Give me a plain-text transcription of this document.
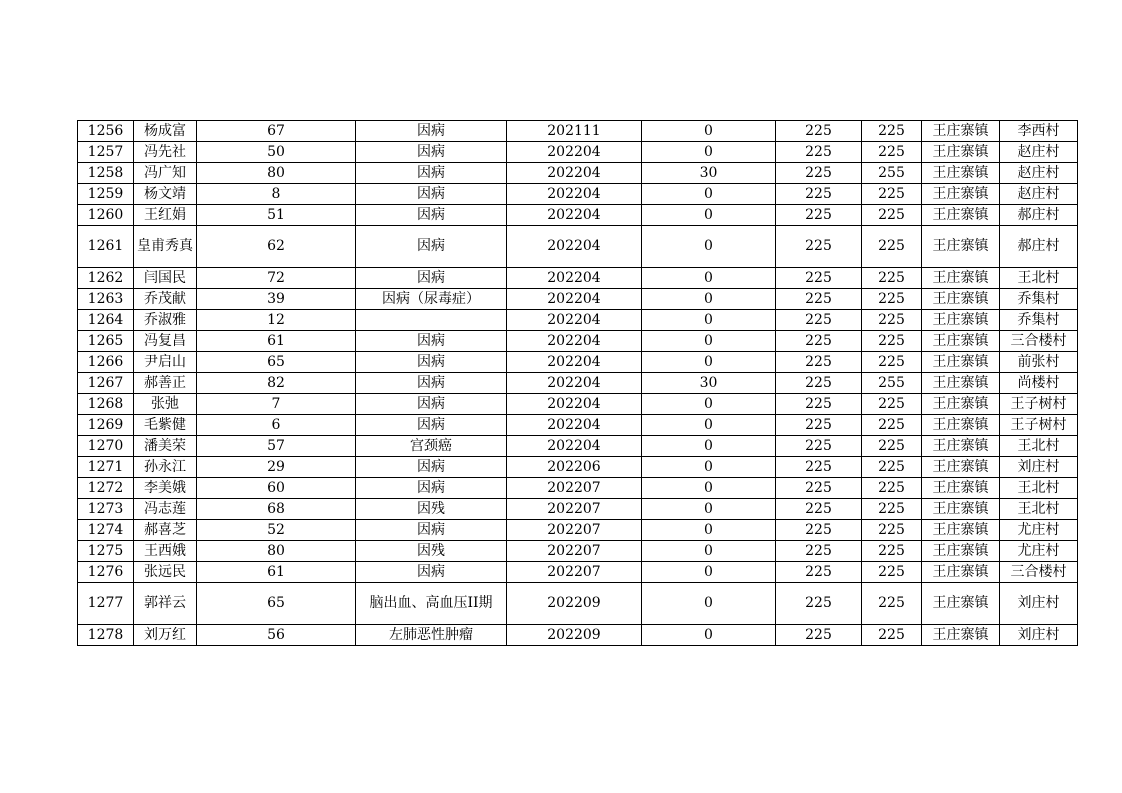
1256	杨成富	67	因病	202111	0	225	225	王庄寨镇	李西村
1257	冯先社	50	因病	202204	0	225	225	王庄寨镇	赵庄村
1258	冯广知	80	因病	202204	30	225	255	王庄寨镇	赵庄村
1259	杨文靖	8	因病	202204	0	225	225	王庄寨镇	赵庄村
1260	王红娟	51	因病	202204	0	225	225	王庄寨镇	郝庄村
1261	皇甫秀真	62	因病	202204	0	225	225	王庄寨镇	郝庄村
1262	闫国民	72	因病	202204	0	225	225	王庄寨镇	王北村
1263	乔茂献	39	因病（尿毒症）	202204	0	225	225	王庄寨镇	乔集村
1264	乔淑雅	12		202204	0	225	225	王庄寨镇	乔集村
1265	冯复昌	61	因病	202204	0	225	225	王庄寨镇	三合楼村
1266	尹启山	65	因病	202204	0	225	225	王庄寨镇	前张村
1267	郝善正	82	因病	202204	30	225	255	王庄寨镇	尚楼村
1268	张弛	7	因病	202204	0	225	225	王庄寨镇	王子树村
1269	毛紫健	6	因病	202204	0	225	225	王庄寨镇	王子树村
1270	潘美荣	57	宫颈癌	202204	0	225	225	王庄寨镇	王北村
1271	孙永江	29	因病	202206	0	225	225	王庄寨镇	刘庄村
1272	李美娥	60	因病	202207	0	225	225	王庄寨镇	王北村
1273	冯志莲	68	因残	202207	0	225	225	王庄寨镇	王北村
1274	郝喜芝	52	因病	202207	0	225	225	王庄寨镇	尤庄村
1275	王西娥	80	因残	202207	0	225	225	王庄寨镇	尤庄村
1276	张远民	61	因病	202207	0	225	225	王庄寨镇	三合楼村
1277	郭祥云	65	脑出血、高血压II期	202209	0	225	225	王庄寨镇	刘庄村
1278	刘万红	56	左肺恶性肿瘤	202209	0	225	225	王庄寨镇	刘庄村
